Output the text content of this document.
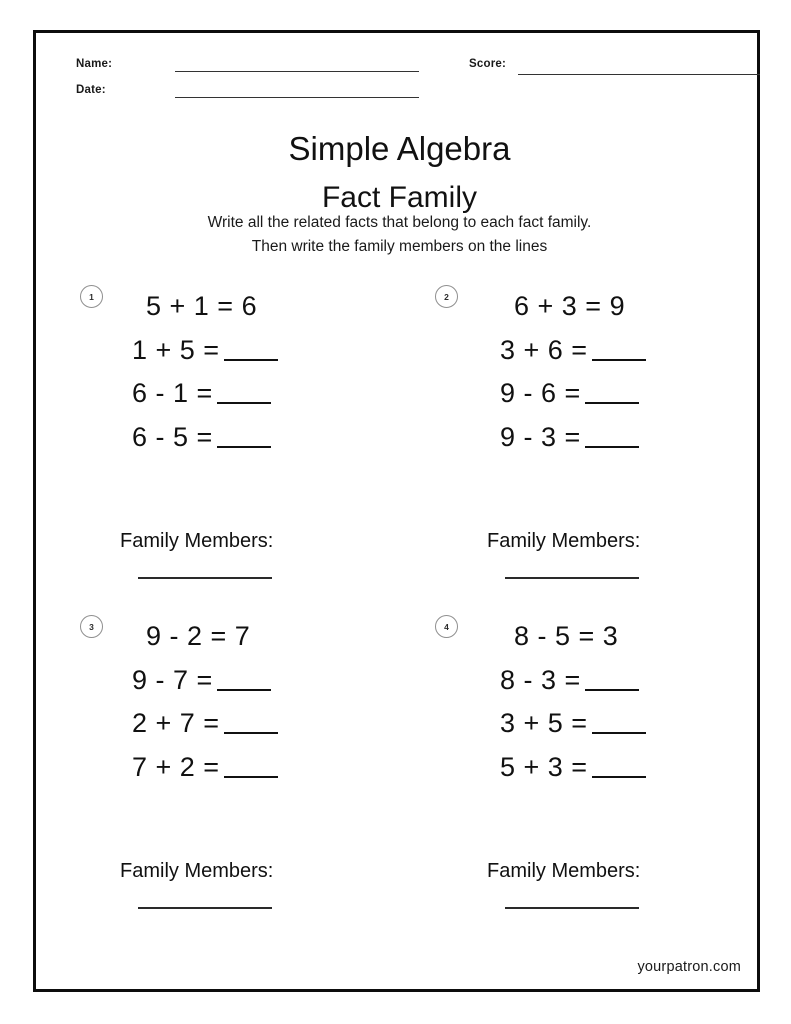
Name:
Date:
Score:
Simple Algebra
Fact Family
Write all the related facts that belong to each fact family.
Then write the family members on the lines
1	5 + 1 = 6
1 + 5 =
6 - 1 =
6 - 5 =
Family Members:
2	6 + 3 = 9
3 + 6 =
9 - 6 =
9 - 3 =
Family Members:
3	9 - 2 = 7
9 - 7 =
2 + 7 =
7 + 2 =
Family Members:
4	8 - 5 = 3
8 - 3 =
3 + 5 =
5 + 3 =
Family Members:
yourpatron.com
